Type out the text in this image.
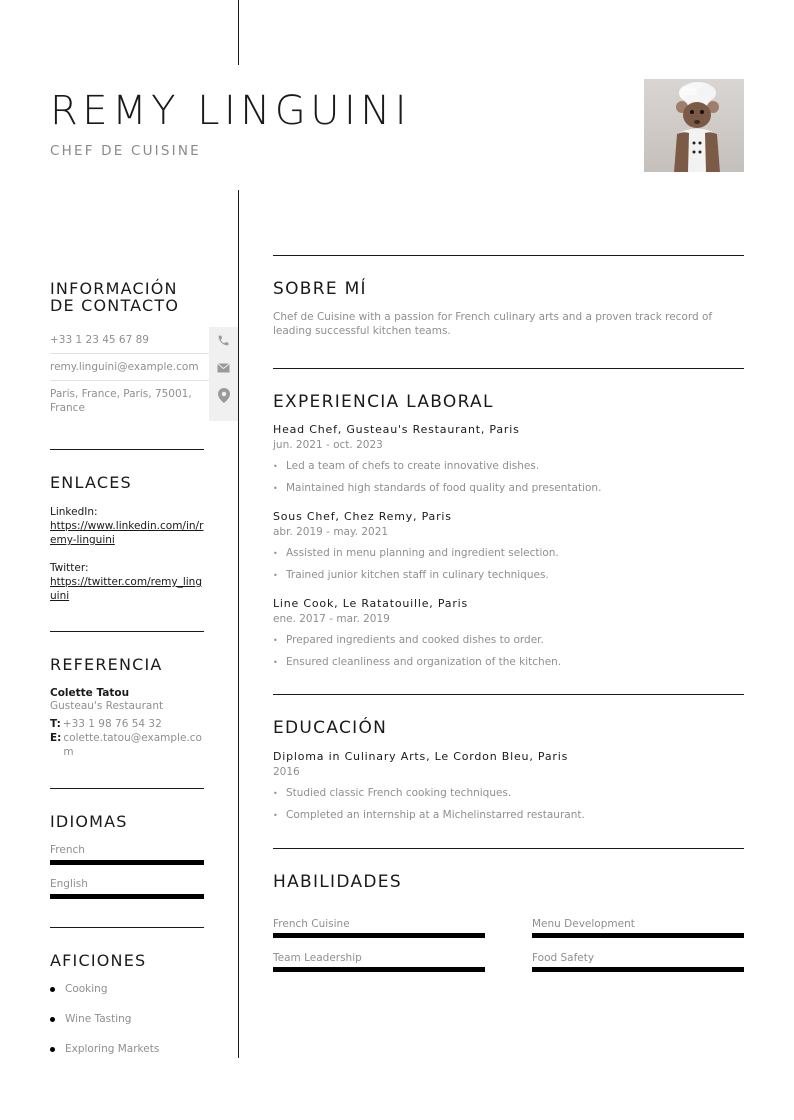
REMY LINGUINI
CHEF DE CUISINE
INFORMACIÓN DE CONTACTO
+33 1 23 45 67 89
remy.linguini@example.com
Paris, France, Paris, 75001, France
ENLACES
LinkedIn:
https://www.linkedin.com/in/remy-linguini
Twitter:
https://twitter.com/remy_linguini
REFERENCIA
Colette Tatou
Gusteau's Restaurant
T: +33 1 98 76 54 32
E: colette.tatou@example.com
IDIOMAS
French
English
AFICIONES
Cooking
Wine Tasting
Exploring Markets
SOBRE MÍ
Chef de Cuisine with a passion for French culinary arts and a proven track record of leading successful kitchen teams.
EXPERIENCIA LABORAL
Head Chef, Gusteau's Restaurant, Paris
jun. 2021 - oct. 2023
• Led a team of chefs to create innovative dishes.
• Maintained high standards of food quality and presentation.
Sous Chef, Chez Remy, Paris
abr. 2019 - may. 2021
• Assisted in menu planning and ingredient selection.
• Trained junior kitchen staff in culinary techniques.
Line Cook, Le Ratatouille, Paris
ene. 2017 - mar. 2019
• Prepared ingredients and cooked dishes to order.
• Ensured cleanliness and organization of the kitchen.
EDUCACIÓN
Diploma in Culinary Arts, Le Cordon Bleu, Paris
2016
• Studied classic French cooking techniques.
• Completed an internship at a Michelinstarred restaurant.
HABILIDADES
French Cuisine	Menu Development
Team Leadership	Food Safety
